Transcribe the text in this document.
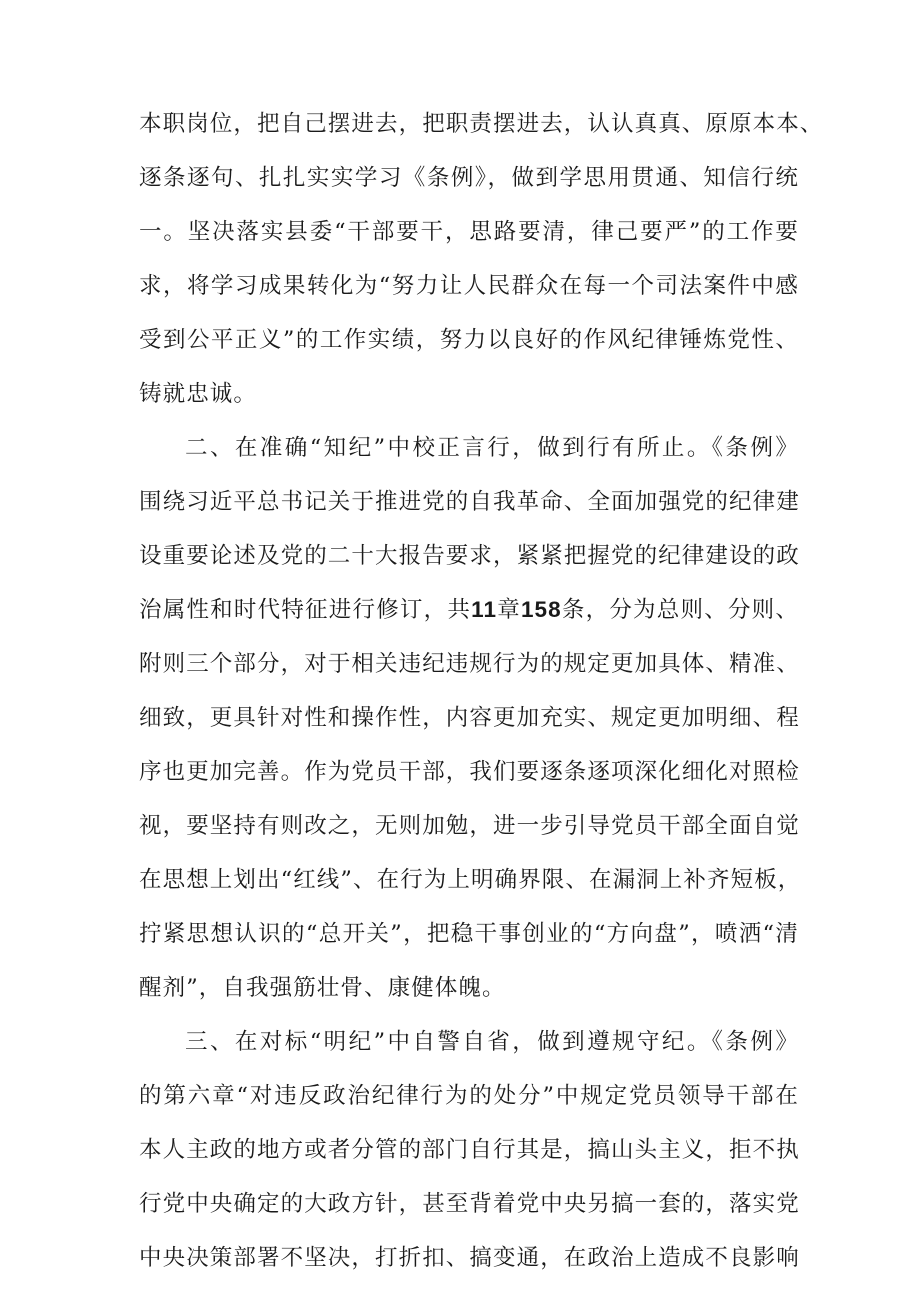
本职岗位，把自己摆进去，把职责摆进去，认认真真、原原本本、
逐条逐句、扎扎实实学习《条例》，做到学思用贯通、知信行统
一。坚决落实县委“干部要干，思路要清，律己要严”的工作要
求，将学习成果转化为“努力让人民群众在每一个司法案件中感
受到公平正义”的工作实绩，努力以良好的作风纪律锤炼党性、
铸就忠诚。
二、在准确“知纪”中校正言行，做到行有所止。《条例》
围绕习近平总书记关于推进党的自我革命、全面加强党的纪律建
设重要论述及党的二十大报告要求，紧紧把握党的纪律建设的政
治属性和时代特征进行修订，共11章158条，分为总则、分则、
附则三个部分，对于相关违纪违规行为的规定更加具体、精准、
细致，更具针对性和操作性，内容更加充实、规定更加明细、程
序也更加完善。作为党员干部，我们要逐条逐项深化细化对照检
视，要坚持有则改之，无则加勉，进一步引导党员干部全面自觉
在思想上划出“红线”、在行为上明确界限、在漏洞上补齐短板，
拧紧思想认识的“总开关”，把稳干事创业的“方向盘”，喷洒“清
醒剂”，自我强筋壮骨、康健体魄。
三、在对标“明纪”中自警自省，做到遵规守纪。《条例》
的第六章“对违反政治纪律行为的处分”中规定党员领导干部在
本人主政的地方或者分管的部门自行其是，搞山头主义，拒不执
行党中央确定的大政方针，甚至背着党中央另搞一套的，落实党
中央决策部署不坚决，打折扣、搞变通，在政治上造成不良影响
